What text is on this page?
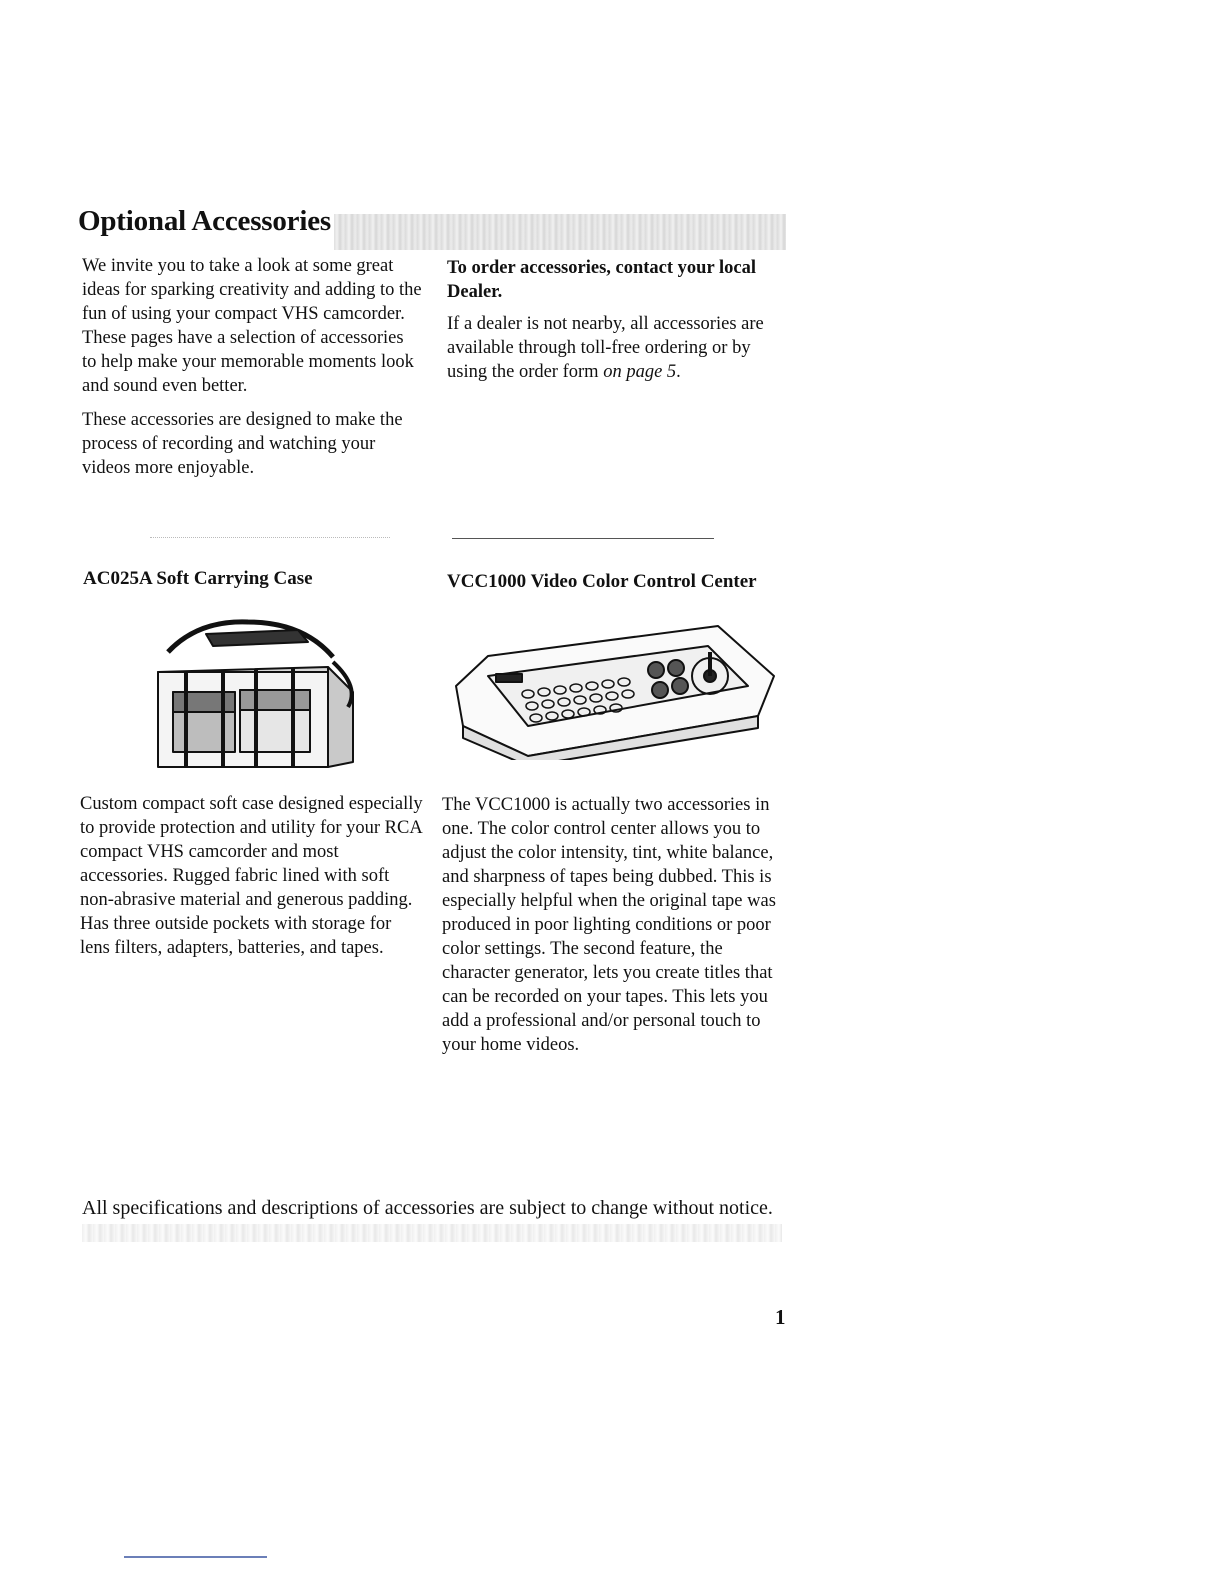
Optional Accessories

We invite you to take a look at some great ideas for sparking creativity and adding to the fun of using your compact VHS camcorder. These pages have a selection of accessories to help make your memorable moments look and sound even better.

These accessories are designed to make the process of recording and watching your videos more enjoyable.

To order accessories, contact your local Dealer.

If a dealer is not nearby, all accessories are available through toll-free ordering or by using the order form on page 5.

AC025A Soft Carrying Case
Custom compact soft case designed especially to provide protection and utility for your RCA compact VHS camcorder and most accessories. Rugged fabric lined with soft non-abrasive material and generous padding. Has three outside pockets with storage for lens filters, adapters, batteries, and tapes.
VCC1000 Video Color Control Center
The VCC1000 is actually two accessories in one. The color control center allows you to adjust the color intensity, tint, white balance, and sharpness of tapes being dubbed. This is especially helpful when the original tape was produced in poor lighting conditions or poor color settings. The second feature, the character generator, lets you create titles that can be recorded on your tapes. This lets you add a professional and/or personal touch to your home videos.
All specifications and descriptions of accessories are subject to change without notice.
1
